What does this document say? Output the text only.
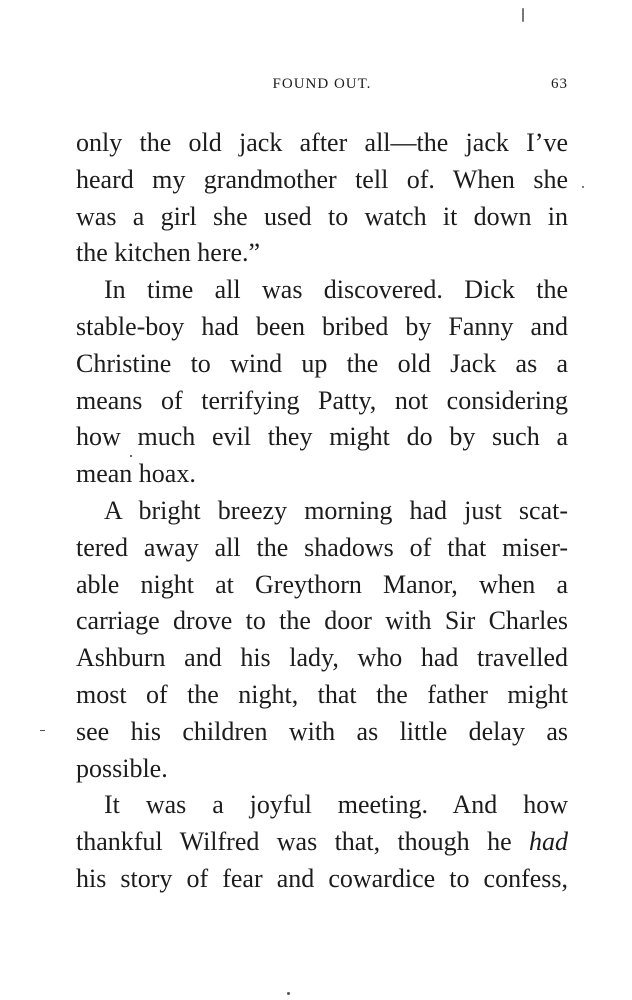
FOUND OUT.	63
only the old jack after all—the jack I’ve
heard my grandmother tell of. When she
was a girl she used to watch it down in
the kitchen here.”
In time all was discovered. Dick the
stable-boy had been bribed by Fanny and
Christine to wind up the old Jack as a
means of terrifying Patty, not considering
how much evil they might do by such a
mean hoax.
A bright breezy morning had just scat-
tered away all the shadows of that miser-
able night at Greythorn Manor, when a
carriage drove to the door with Sir Charles
Ashburn and his lady, who had travelled
most of the night, that the father might
see his children with as little delay as
possible.
It was a joyful meeting. And how
thankful Wilfred was that, though he had
his story of fear and cowardice to confess,
